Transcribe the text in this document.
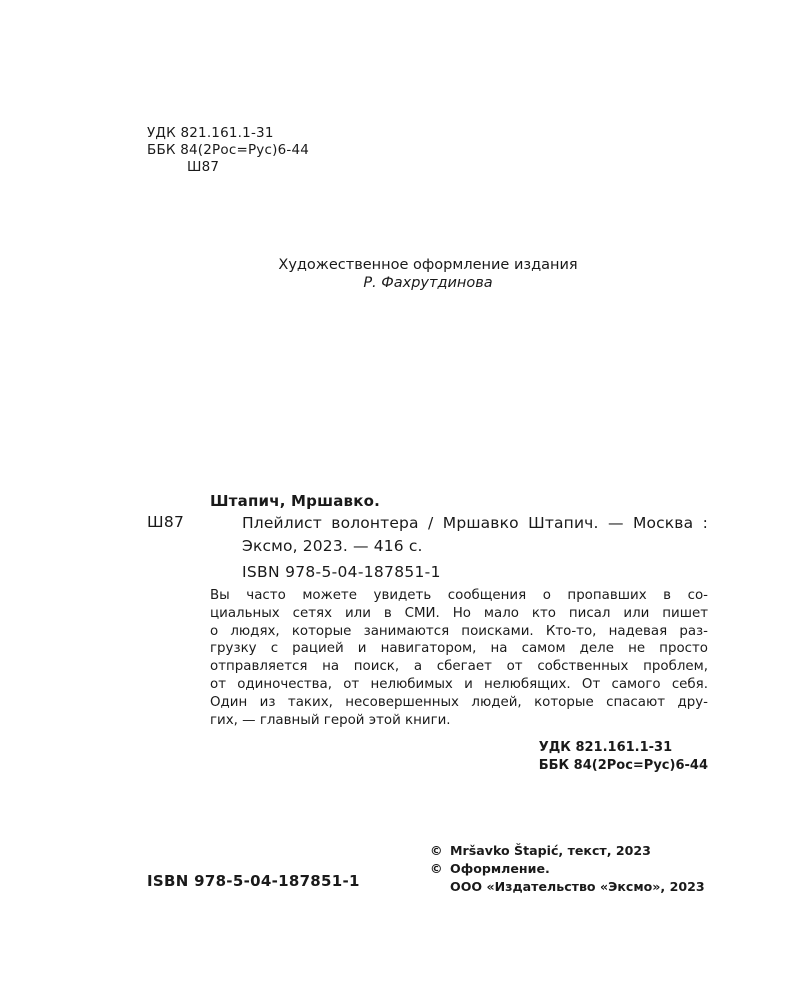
УДК 821.161.1-31
ББК 84(2Рос=Рус)6-44
Ш87
Художественное оформление издания
Р. Фахрутдинова
Штапич, Мршавко.
Ш87	Плейлист волонтера / Мршавко Штапич. — Москва : Эксмо, 2023. — 416 с.
ISBN 978-5-04-187851-1
Вы часто можете увидеть сообщения о пропавших в со-
циальных сетях или в СМИ. Но мало кто писал или пишет
о людях, которые занимаются поисками. Кто-то, надевая раз-
грузку с рацией и навигатором, на самом деле не просто
отправляется на поиск, а сбегает от собственных проблем,
от одиночества, от нелюбимых и нелюбящих. От самого себя.
Один из таких, несовершенных людей, которые спасают дру-
гих, — главный герой этой книги.
УДК 821.161.1-31
ББК 84(2Рос=Рус)6-44
© Mršavko Štapić, текст, 2023
© Оформление.
ООО «Издательство «Эксмо», 2023
ISBN 978-5-04-187851-1
